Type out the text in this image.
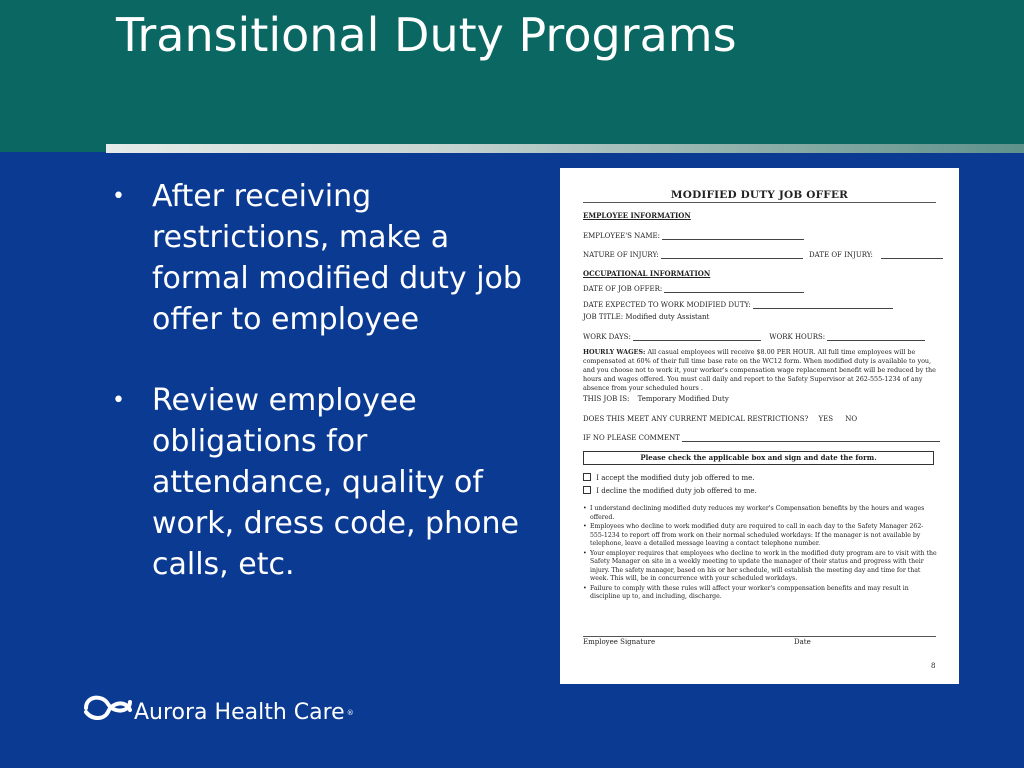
Transitional Duty Programs
• After receiving restrictions, make a formal modified duty job offer to employee
• Review employee obligations for attendance, quality of work, dress code, phone calls, etc.
MODIFIED DUTY JOB OFFER
EMPLOYEE INFORMATION
EMPLOYEE'S NAME:
NATURE OF INJURY:	DATE OF INJURY:
OCCUPATIONAL INFORMATION
DATE OF JOB OFFER:
DATE EXPECTED TO WORK MODIFIED DUTY:
JOB TITLE: Modified duty Assistant
WORK DAYS:	WORK HOURS:
HOURLY WAGES: All casual employees will receive $8.00 PER HOUR. All full time employees will be compensated at 60% of their full time base rate on the WC12 form. When modified duty is available to you, and you choose not to work it, your worker's compensation wage replacement benefit will be reduced by the hours and wages offered. You must call daily and report to the Safety Supervisor at 262-555-1234 of any absence from your scheduled hours .
THIS JOB IS: Temporary Modified Duty
DOES THIS MEET ANY CURRENT MEDICAL RESTRICTIONS? YES NO
IF NO PLEASE COMMENT
Please check the applicable box and sign and date the form.
I accept the modified duty job offered to me.
I decline the modified duty job offered to me.
• I understand declining modified duty reduces my worker's Compensation benefits by the hours and wages offered.
• Employees who decline to work modified duty are required to call in each day to the Safety Manager 262-555-1234 to report off from work on their normal scheduled workdays: If the manager is not available by telephone, leave a detailed message leaving a contact telephone number.
• Your employer requires that employees who decline to work in the modified duty program are to visit with the Safety Manager on site in a weekly meeting to update the manager of their status and progress with their injury. The safety manager, based on his or her schedule, will establish the meeting day and time for that week. This will, be in concurrence with your scheduled workdays.
• Failure to comply with these rules will affect your worker's comppensation benefits and may result in discipline up to, and including, discharge.
Employee Signature	Date
8
Aurora Health Care ®
